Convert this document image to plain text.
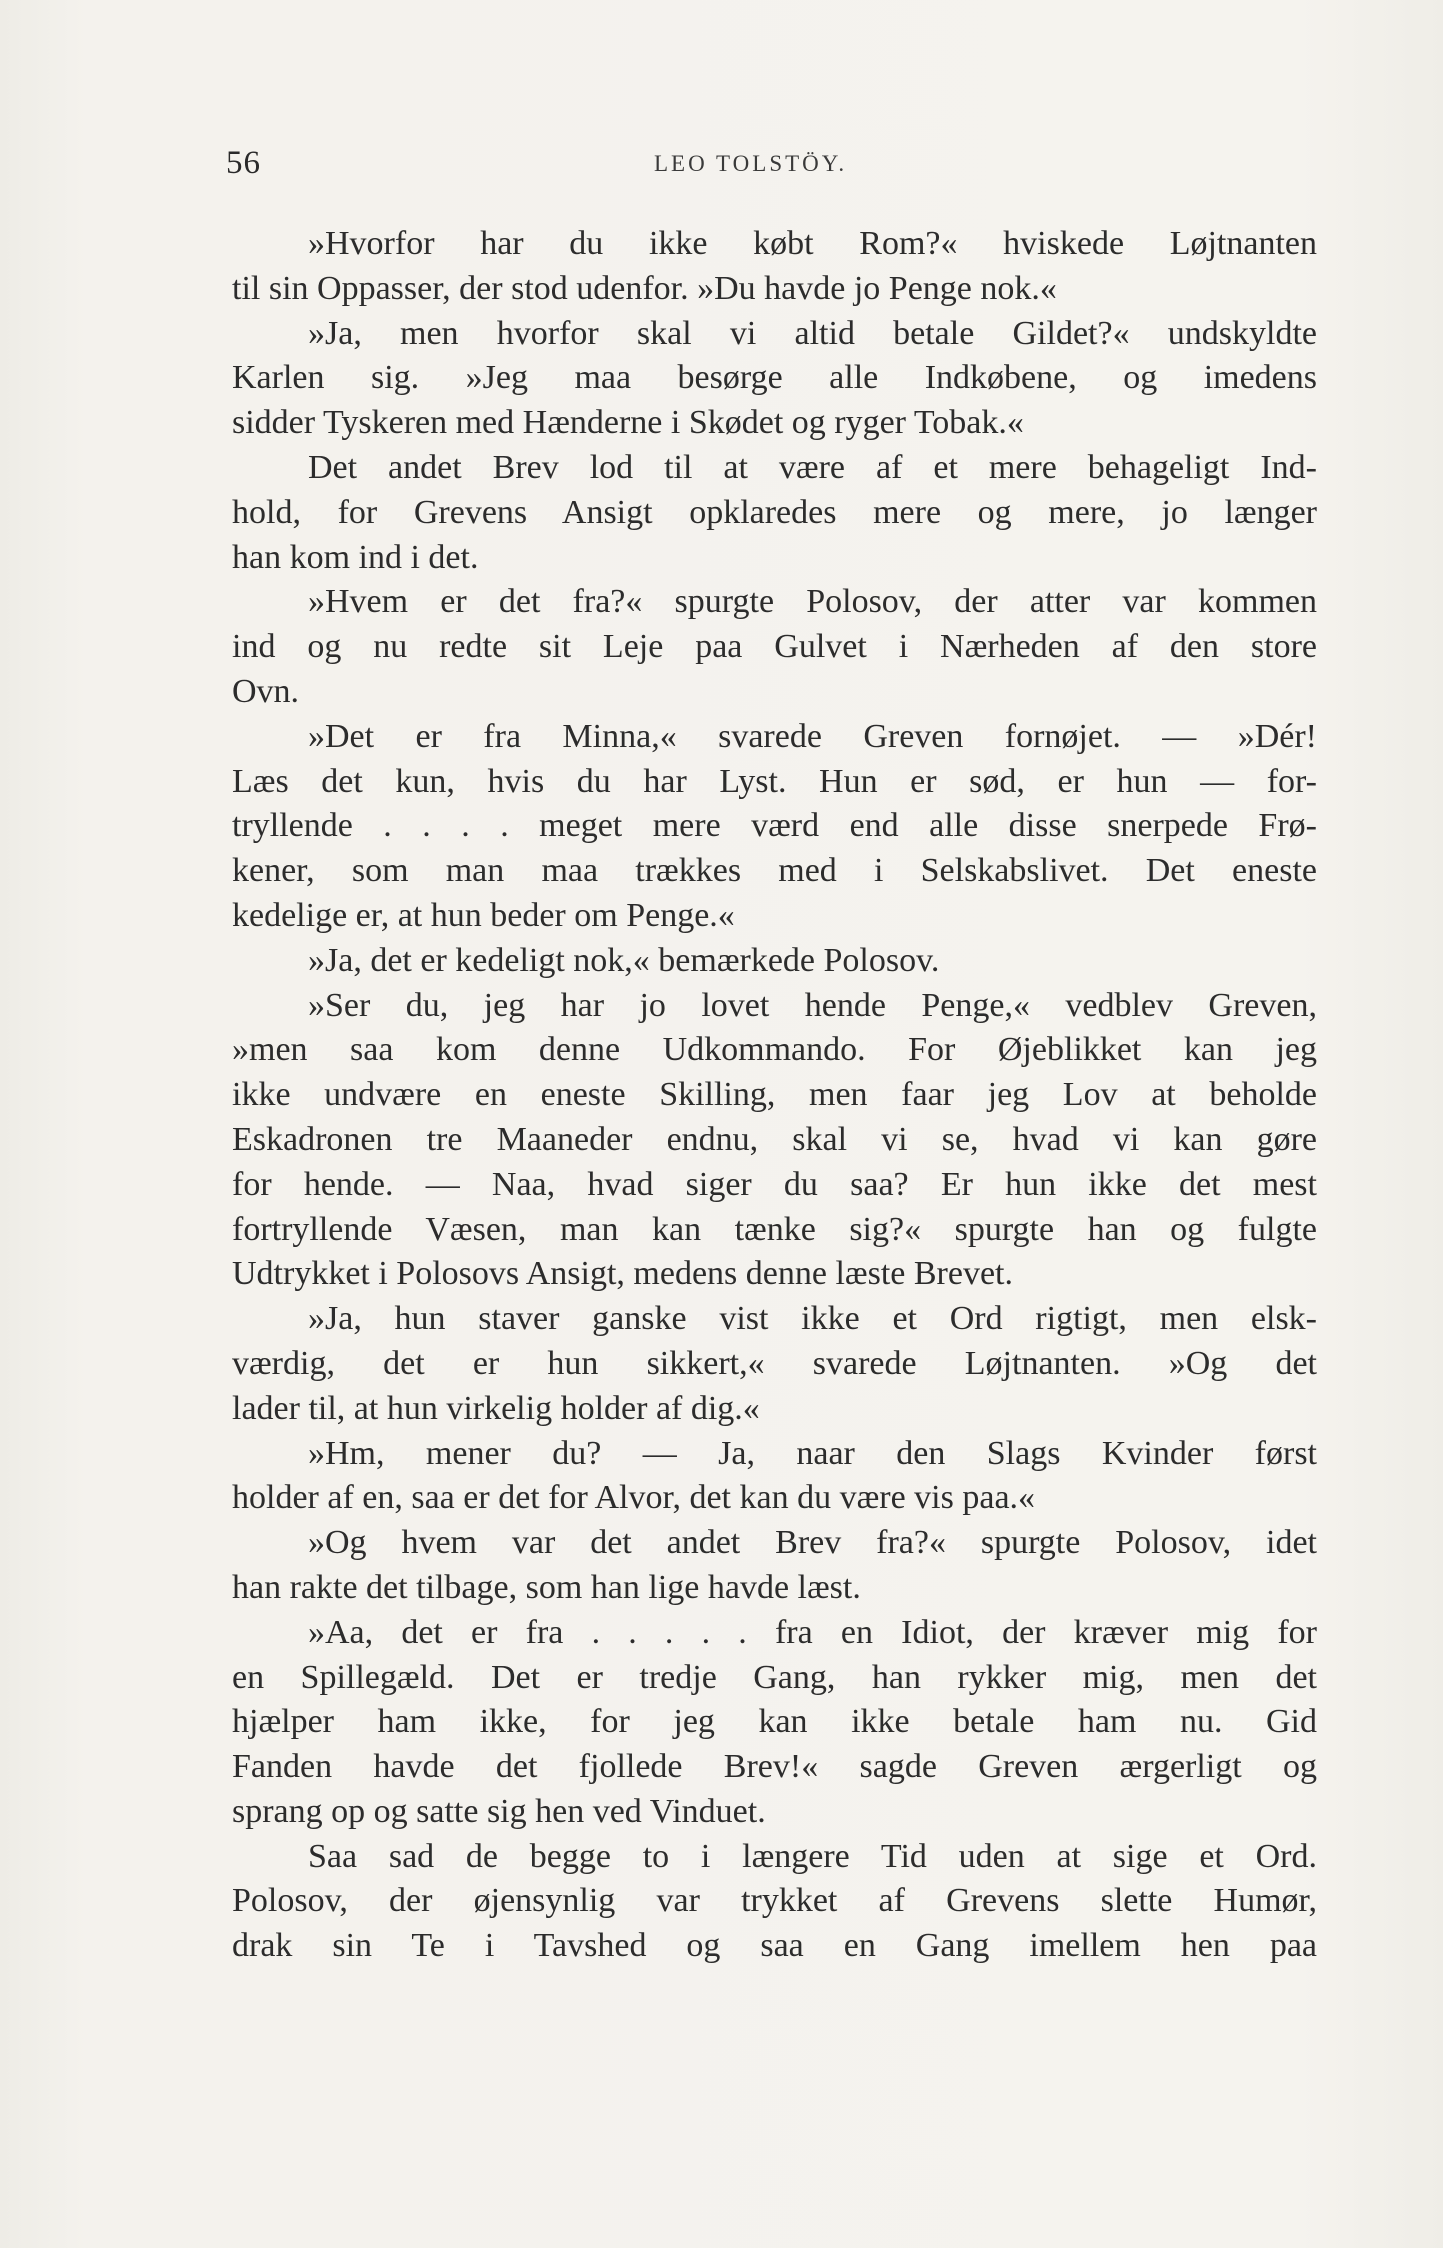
56	LEO TOLSTÖY.
»Hvorfor har du ikke købt Rom?« hviskede Løjtnanten
til sin Oppasser, der stod udenfor. »Du havde jo Penge nok.«
»Ja, men hvorfor skal vi altid betale Gildet?« undskyldte
Karlen sig. »Jeg maa besørge alle Indkøbene, og imedens
sidder Tyskeren med Hænderne i Skødet og ryger Tobak.«
Det andet Brev lod til at være af et mere behageligt Ind-
hold, for Grevens Ansigt opklaredes mere og mere, jo længer
han kom ind i det.
»Hvem er det fra?« spurgte Polosov, der atter var kommen
ind og nu redte sit Leje paa Gulvet i Nærheden af den store
Ovn.
»Det er fra Minna,« svarede Greven fornøjet. — »Dér!
Læs det kun, hvis du har Lyst. Hun er sød, er hun — for-
tryllende . . . . meget mere værd end alle disse snerpede Frø-
kener, som man maa trækkes med i Selskabslivet. Det eneste
kedelige er, at hun beder om Penge.«
»Ja, det er kedeligt nok,« bemærkede Polosov.
»Ser du, jeg har jo lovet hende Penge,« vedblev Greven,
»men saa kom denne Udkommando. For Øjeblikket kan jeg
ikke undvære en eneste Skilling, men faar jeg Lov at beholde
Eskadronen tre Maaneder endnu, skal vi se, hvad vi kan gøre
for hende. — Naa, hvad siger du saa? Er hun ikke det mest
fortryllende Væsen, man kan tænke sig?« spurgte han og fulgte
Udtrykket i Polosovs Ansigt, medens denne læste Brevet.
»Ja, hun staver ganske vist ikke et Ord rigtigt, men elsk-
værdig, det er hun sikkert,« svarede Løjtnanten. »Og det
lader til, at hun virkelig holder af dig.«
»Hm, mener du? — Ja, naar den Slags Kvinder først
holder af en, saa er det for Alvor, det kan du være vis paa.«
»Og hvem var det andet Brev fra?« spurgte Polosov, idet
han rakte det tilbage, som han lige havde læst.
»Aa, det er fra . . . . . fra en Idiot, der kræver mig for
en Spillegæld. Det er tredje Gang, han rykker mig, men det
hjælper ham ikke, for jeg kan ikke betale ham nu. Gid
Fanden havde det fjollede Brev!« sagde Greven ærgerligt og
sprang op og satte sig hen ved Vinduet.
Saa sad de begge to i længere Tid uden at sige et Ord.
Polosov, der øjensynlig var trykket af Grevens slette Humør,
drak sin Te i Tavshed og saa en Gang imellem hen paa
